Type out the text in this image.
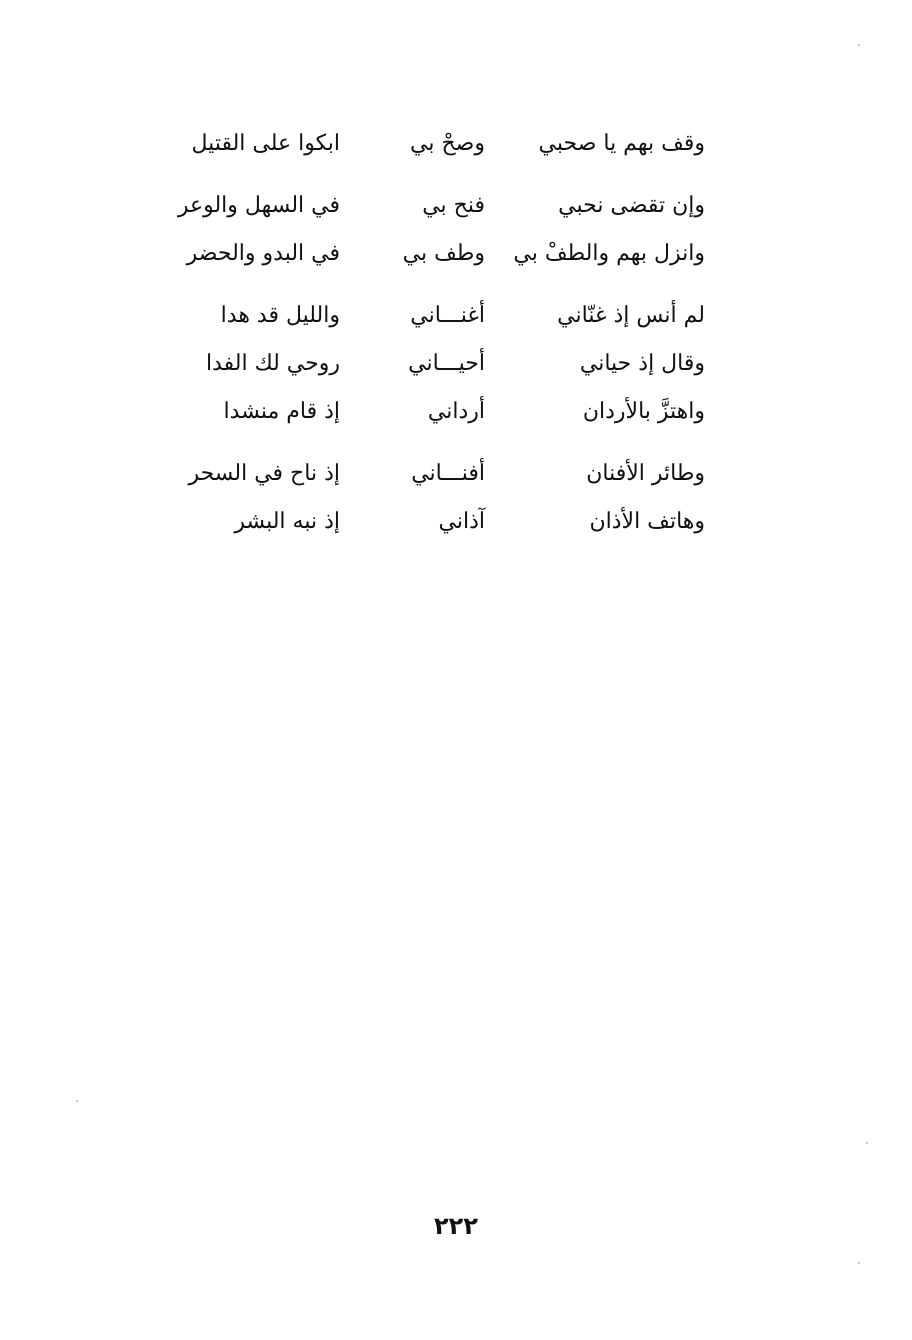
وقف بهم يا صحبي
وصحْ بي
ابكوا على القتيل
وإن تقضى نحبي
فنح بي
في السهل والوعر
وانزل بهم والطفْ بي
وطف بي
في البدو والحضر
لم أنس إذ غنّاني
أغنـــاني
والليل قد هدا
وقال إذ حياني
أحيـــاني
روحي لك الفدا
واهتزَّ بالأردان
أرداني
إذ قام منشدا
وطائر الأفنان
أفنـــاني
إذ ناح في السحر
وهاتف الأذان
آذاني
إذ نبه البشر
٢٢٢
